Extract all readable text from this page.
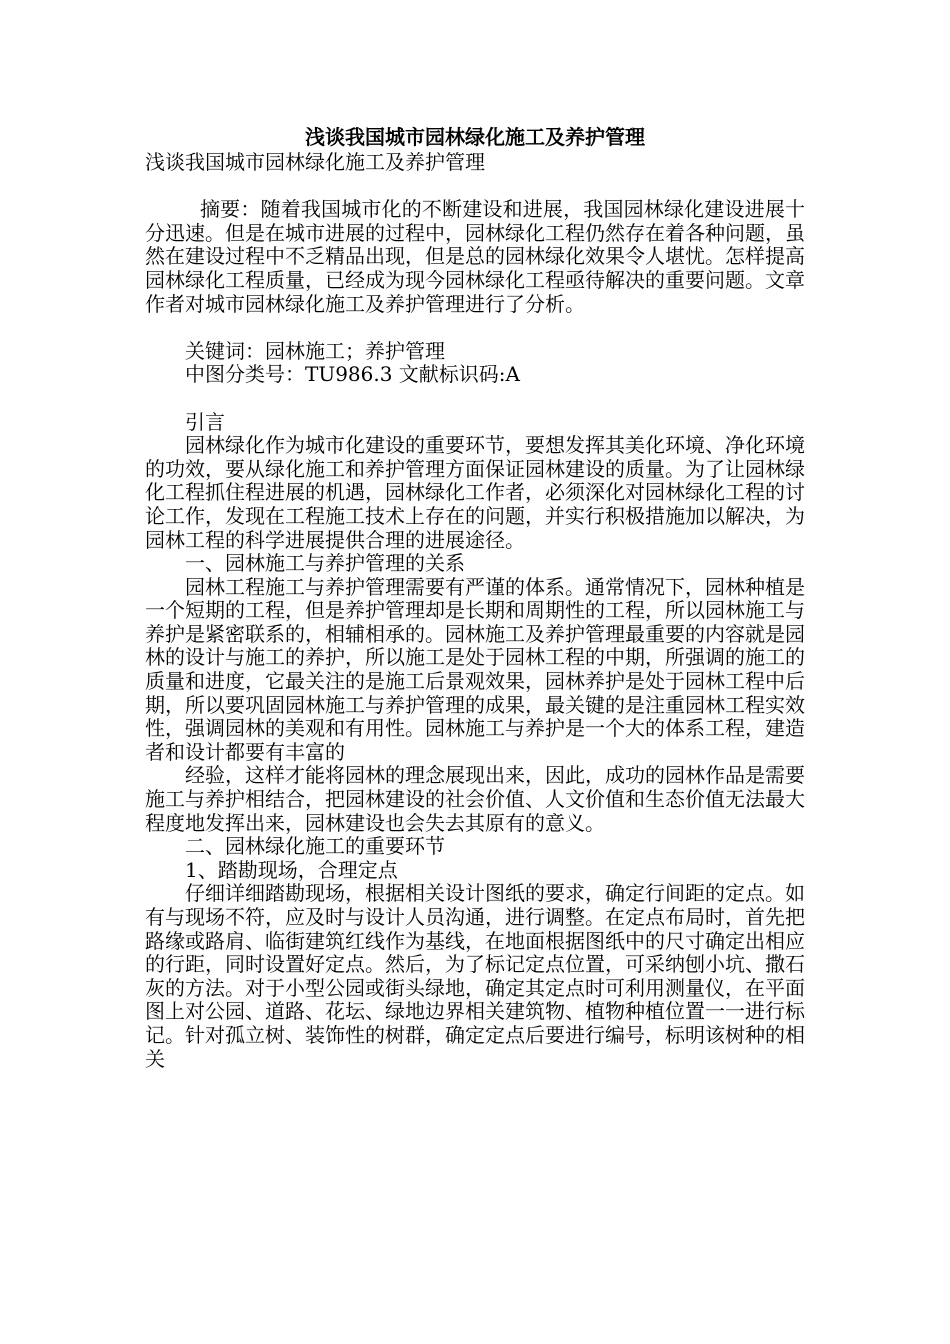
浅谈我国城市园林绿化施工及养护管理

浅谈我国城市园林绿化施工及养护管理

摘要：随着我国城市化的不断建设和进展，我国园林绿化建设进展十分迅速。但是在城市进展的过程中，园林绿化工程仍然存在着各种问题，虽然在建设过程中不乏精品出现，但是总的园林绿化效果令人堪忧。怎样提高园林绿化工程质量，已经成为现今园林绿化工程亟待解决的重要问题。文章作者对城市园林绿化施工及养护管理进行了分析。

关键词：园林施工；养护管理

中图分类号：TU986.3 文献标识码:A

引言

园林绿化作为城市化建设的重要环节，要想发挥其美化环境、净化环境的功效，要从绿化施工和养护管理方面保证园林建设的质量。为了让园林绿化工程抓住程进展的机遇，园林绿化工作者，必须深化对园林绿化工程的讨论工作，发现在工程施工技术上存在的问题，并实行积极措施加以解决，为园林工程的科学进展提供合理的进展途径。

一、园林施工与养护管理的关系

园林工程施工与养护管理需要有严谨的体系。通常情况下，园林种植是一个短期的工程，但是养护管理却是长期和周期性的工程，所以园林施工与养护是紧密联系的，相辅相承的。园林施工及养护管理最重要的内容就是园林的设计与施工的养护，所以施工是处于园林工程的中期，所强调的施工的质量和进度，它最关注的是施工后景观效果，园林养护是处于园林工程中后期，所以要巩固园林施工与养护管理的成果，最关键的是注重园林工程实效性，强调园林的美观和有用性。园林施工与养护是一个大的体系工程，建造者和设计都要有丰富的

经验，这样才能将园林的理念展现出来，因此，成功的园林作品是需要施工与养护相结合，把园林建设的社会价值、人文价值和生态价值无法最大程度地发挥出来，园林建设也会失去其原有的意义。

二、园林绿化施工的重要环节

1、踏勘现场，合理定点

仔细详细踏勘现场，根据相关设计图纸的要求，确定行间距的定点。如有与现场不符，应及时与设计人员沟通，进行调整。在定点布局时，首先把路缘或路肩、临街建筑红线作为基线，在地面根据图纸中的尺寸确定出相应的行距，同时设置好定点。然后，为了标记定点位置，可采纳刨小坑、撒石灰的方法。对于小型公园或街头绿地，确定其定点时可利用测量仪，在平面图上对公园、道路、花坛、绿地边界相关建筑物、植物种植位置一一进行标记。针对孤立树、装饰性的树群，确定定点后要进行编号，标明该树种的相关
